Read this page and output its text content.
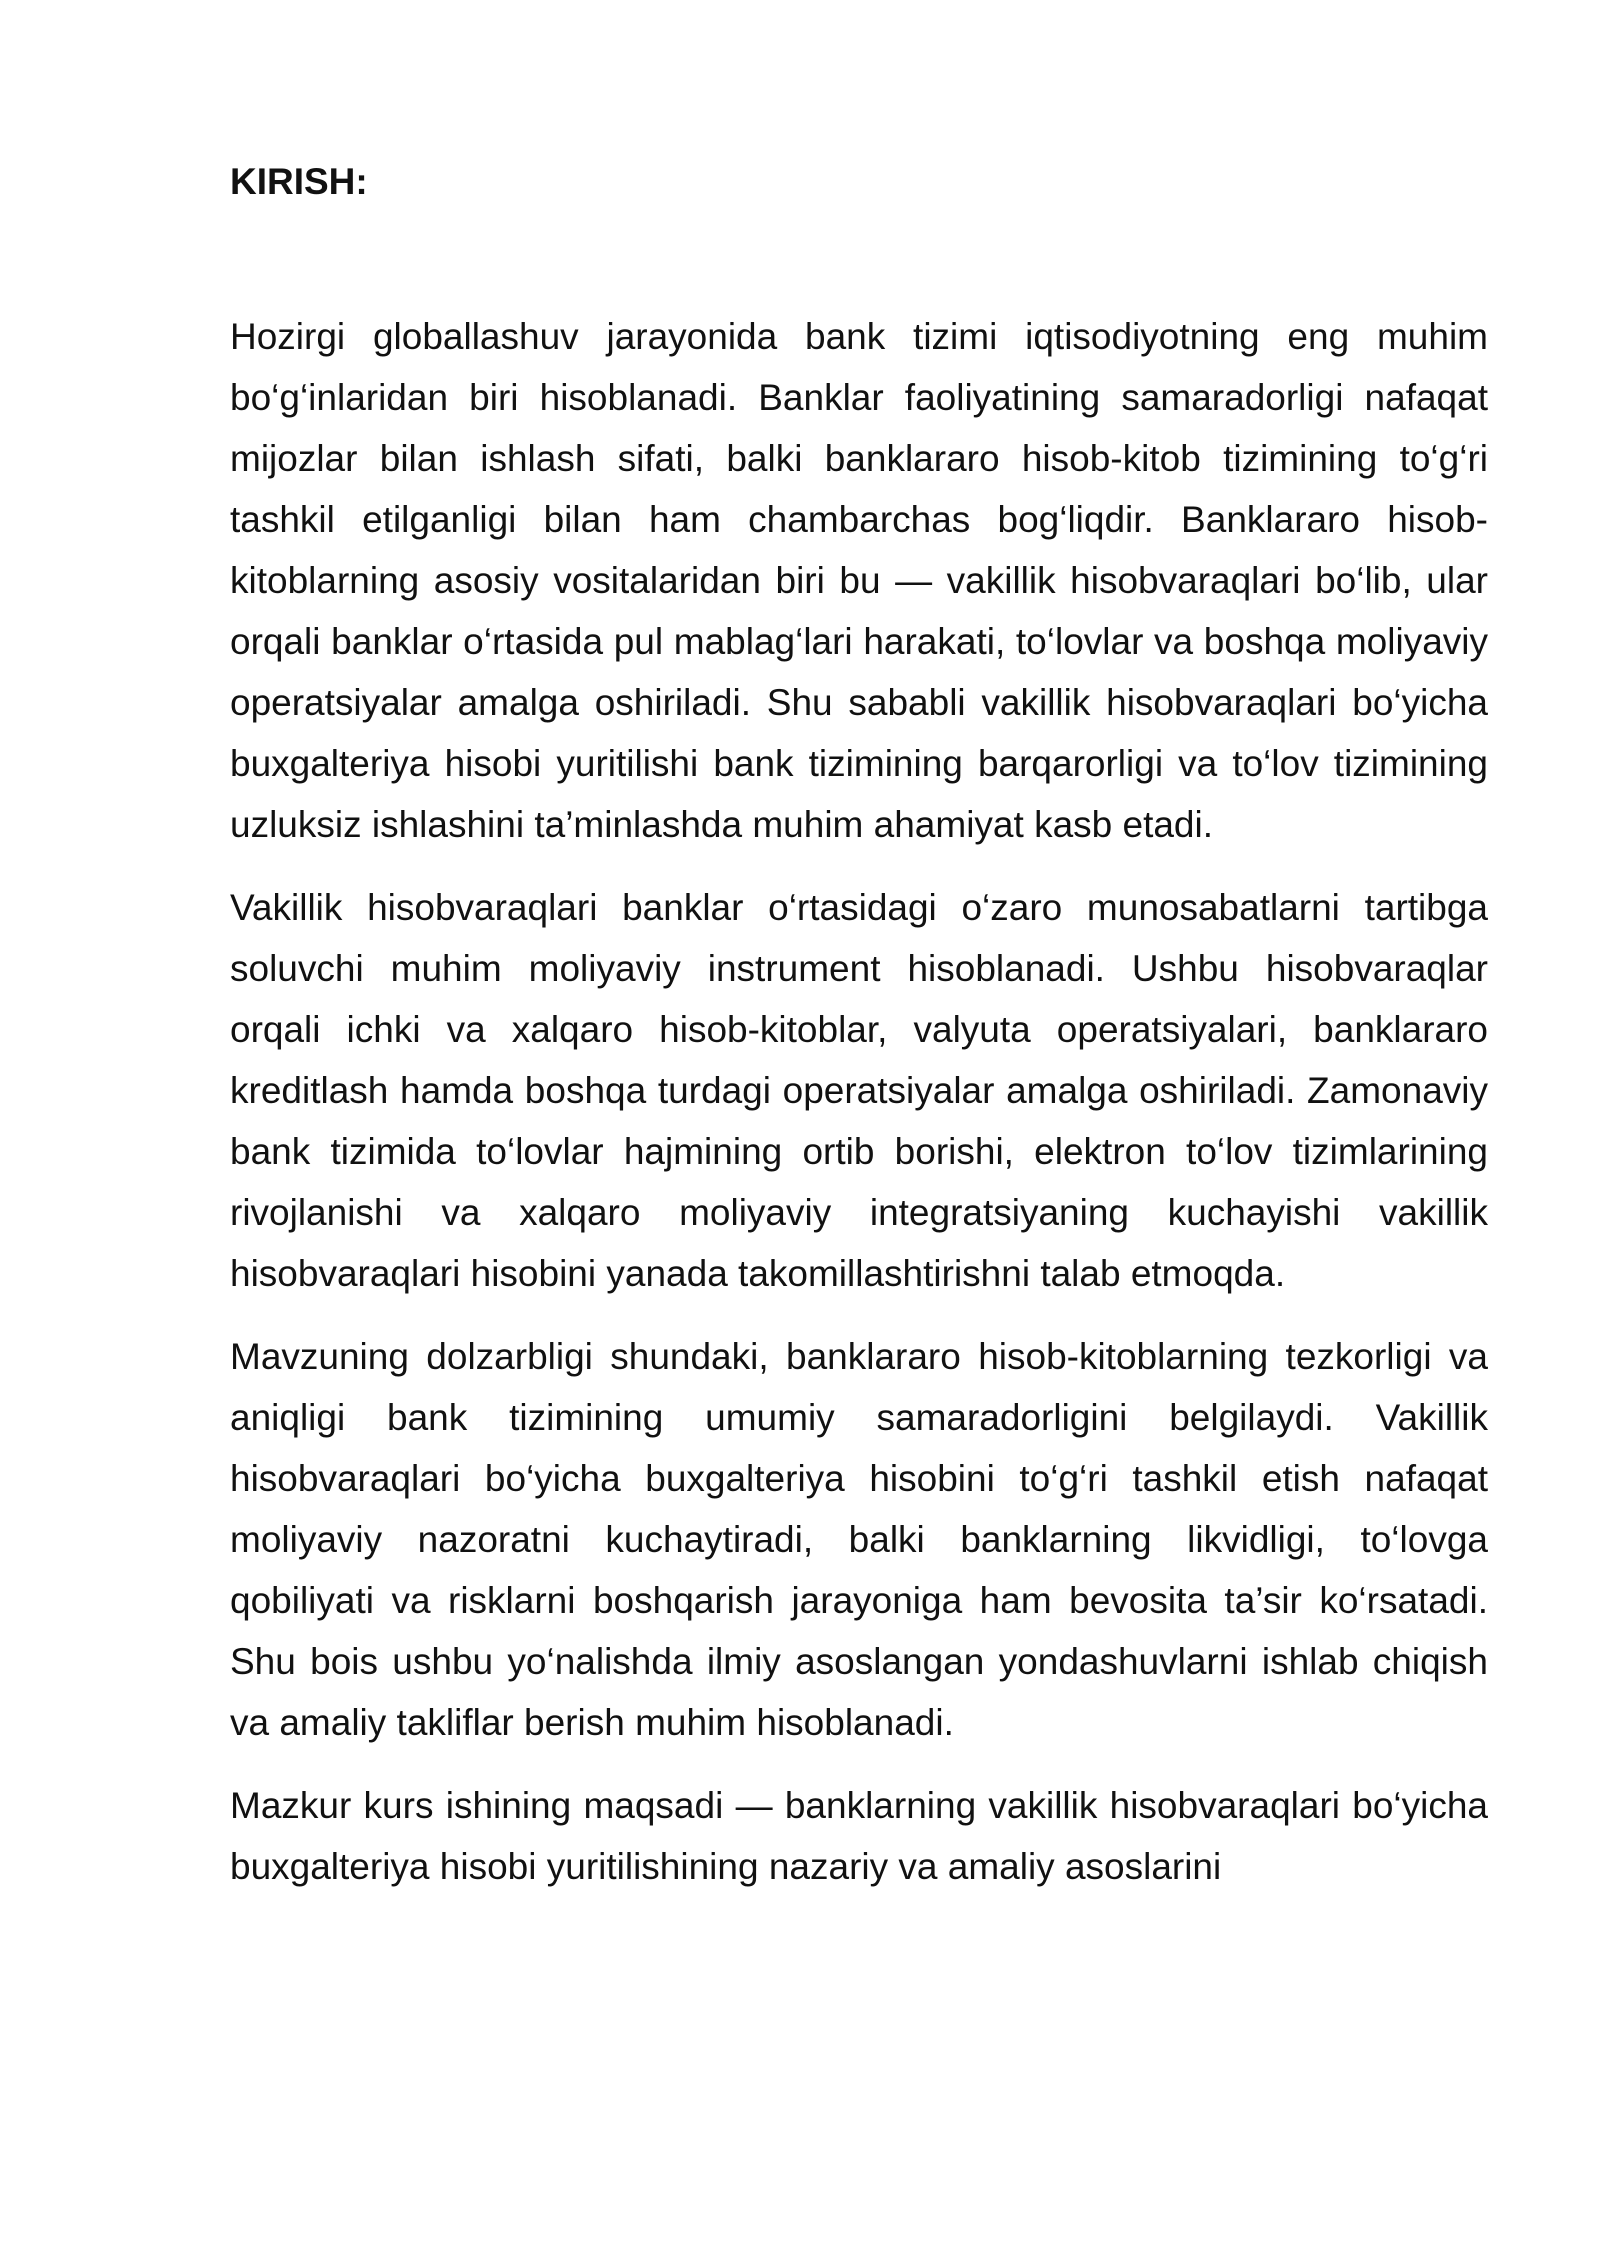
KIRISH:

Hozirgi globallashuv jarayonida bank tizimi iqtisodiyotning eng muhim bo‘g‘inlaridan biri hisoblanadi. Banklar faoliyatining samaradorligi nafaqat mijozlar bilan ishlash sifati, balki banklararo hisob-kitob tizimining to‘g‘ri tashkil etilganligi bilan ham chambarchas bog‘liqdir. Banklararo hisob-kitoblarning asosiy vositalaridan biri bu — vakillik hisobvaraqlari bo‘lib, ular orqali banklar o‘rtasida pul mablag‘lari harakati, to‘lovlar va boshqa moliyaviy operatsiyalar amalga oshiriladi. Shu sababli vakillik hisobvaraqlari bo‘yicha buxgalteriya hisobi yuritilishi bank tizimining barqarorligi va to‘lov tizimining uzluksiz ishlashini ta’minlashda muhim ahamiyat kasb etadi.

Vakillik hisobvaraqlari banklar o‘rtasidagi o‘zaro munosabatlarni tartibga soluvchi muhim moliyaviy instrument hisoblanadi. Ushbu hisobvaraqlar orqali ichki va xalqaro hisob-kitoblar, valyuta operatsiyalari, banklararo kreditlash hamda boshqa turdagi operatsiyalar amalga oshiriladi. Zamonaviy bank tizimida to‘lovlar hajmining ortib borishi, elektron to‘lov tizimlarining rivojlanishi va xalqaro moliyaviy integratsiyaning kuchayishi vakillik hisobvaraqlari hisobini yanada takomillashtirishni talab etmoqda.

Mavzuning dolzarbligi shundaki, banklararo hisob-kitoblarning tezkorligi va aniqligi bank tizimining umumiy samaradorligini belgilaydi. Vakillik hisobvaraqlari bo‘yicha buxgalteriya hisobini to‘g‘ri tashkil etish nafaqat moliyaviy nazoratni kuchaytiradi, balki banklarning likvidligi, to‘lovga qobiliyati va risklarni boshqarish jarayoniga ham bevosita ta’sir ko‘rsatadi. Shu bois ushbu yo‘nalishda ilmiy asoslangan yondashuvlarni ishlab chiqish va amaliy takliflar berish muhim hisoblanadi.

Mazkur kurs ishining maqsadi — banklarning vakillik hisobvaraqlari bo‘yicha buxgalteriya hisobi yuritilishining nazariy va amaliy asoslarini
